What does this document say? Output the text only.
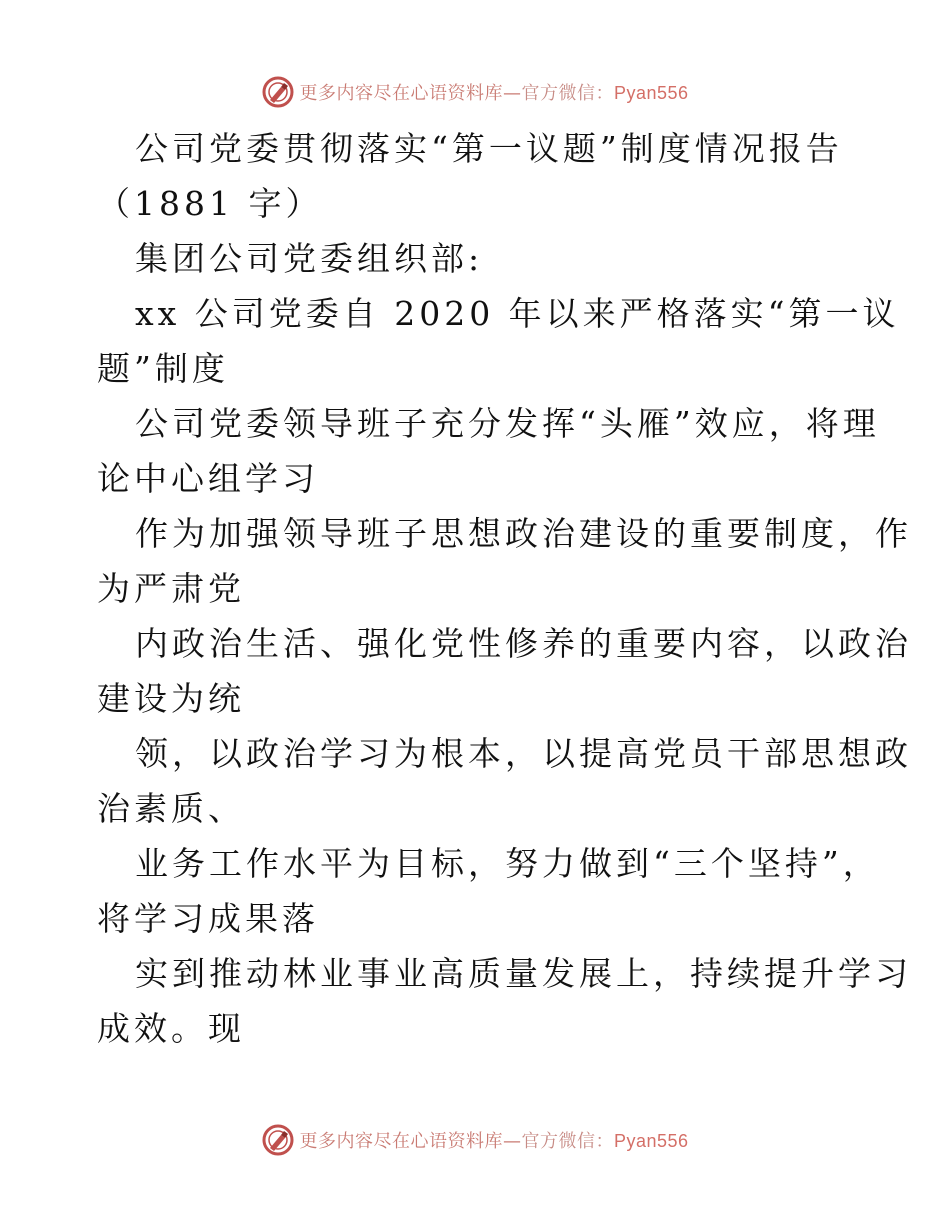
更多内容尽在心语资料库—官方微信：Pyan556
公司党委贯彻落实“第一议题”制度情况报告
（1881 字）
集团公司党委组织部:
xx 公司党委自 2020 年以来严格落实“第一议
题”制度
公司党委领导班子充分发挥“头雁”效应，将理
论中心组学习
作为加强领导班子思想政治建设的重要制度，作
为严肃党
内政治生活、强化党性修养的重要内容，以政治
建设为统
领，以政治学习为根本，以提高党员干部思想政
治素质、
业务工作水平为目标，努力做到“三个坚持”，
将学习成果落
实到推动林业事业高质量发展上，持续提升学习
成效。现
更多内容尽在心语资料库—官方微信：Pyan556
